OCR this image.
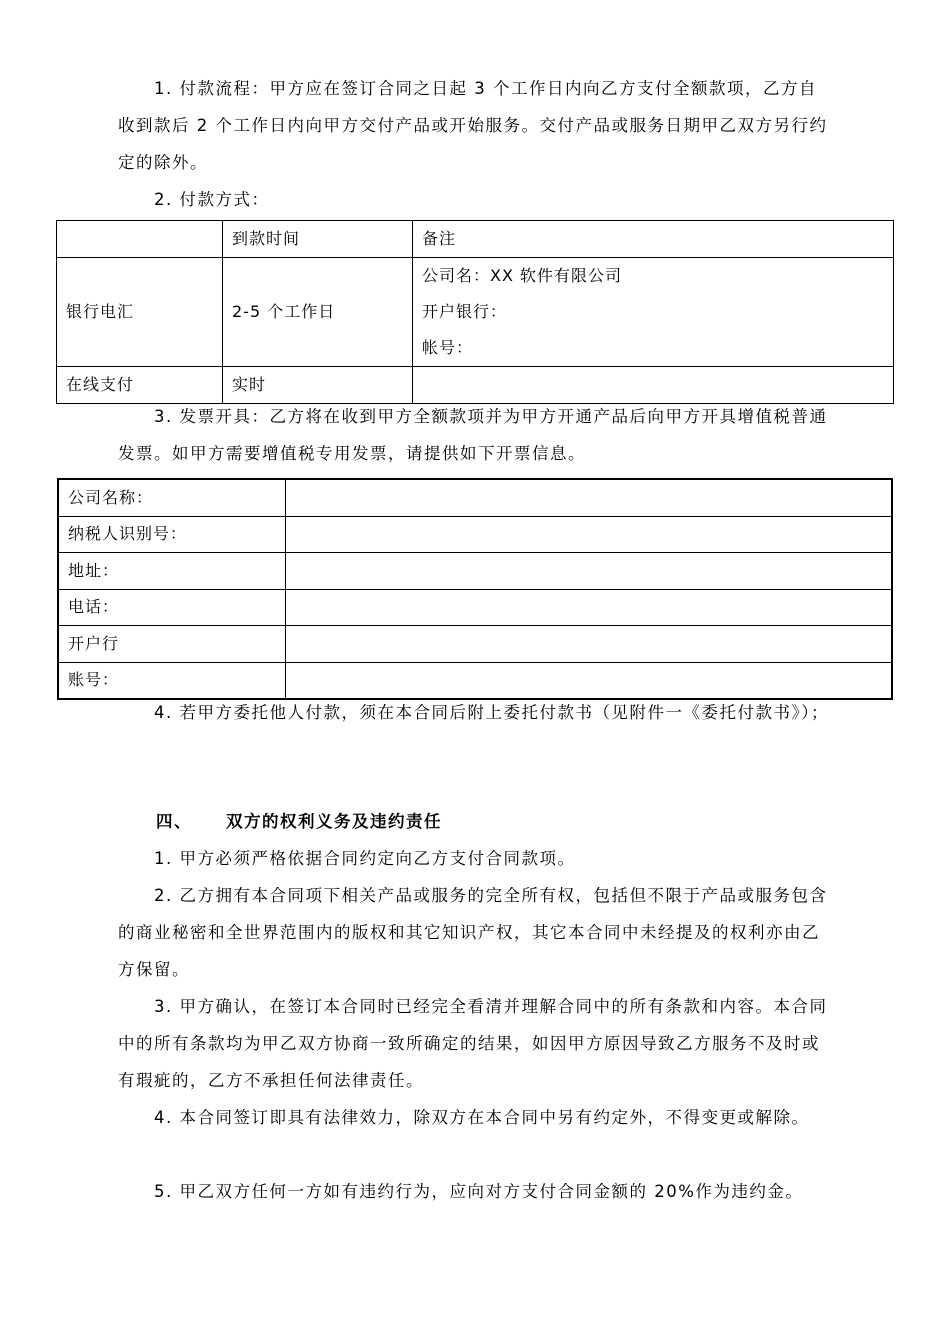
1. 付款流程：甲方应在签订合同之日起 3 个工作日内向乙方支付全额款项，乙方自收到款后 2 个工作日内向甲方交付产品或开始服务。交付产品或服务日期甲乙双方另行约定的除外。

2. 付款方式：

	到款时间	备注
银行电汇	2-5 个工作日	公司名：XX 软件有限公司
开户银行：
帐号：

在线支付	实时	

3. 发票开具：乙方将在收到甲方全额款项并为甲方开通产品后向甲方开具增值税普通发票。如甲方需要增值税专用发票，请提供如下开票信息。

公司名称：	
纳税人识别号：	
地址：	
电话：	
开户行	
账号：	

4. 若甲方委托他人付款，须在本合同后附上委托付款书（见附件一《委托付款书》）；

四、 双方的权利义务及违约责任

1. 甲方必须严格依据合同约定向乙方支付合同款项。

2. 乙方拥有本合同项下相关产品或服务的完全所有权，包括但不限于产品或服务包含的商业秘密和全世界范围内的版权和其它知识产权，其它本合同中未经提及的权利亦由乙方保留。

3. 甲方确认，在签订本合同时已经完全看清并理解合同中的所有条款和内容。本合同中的所有条款均为甲乙双方协商一致所确定的结果，如因甲方原因导致乙方服务不及时或有瑕疵的，乙方不承担任何法律责任。

4. 本合同签订即具有法律效力，除双方在本合同中另有约定外，不得变更或解除。

5. 甲乙双方任何一方如有违约行为，应向对方支付合同金额的 20%作为违约金。
